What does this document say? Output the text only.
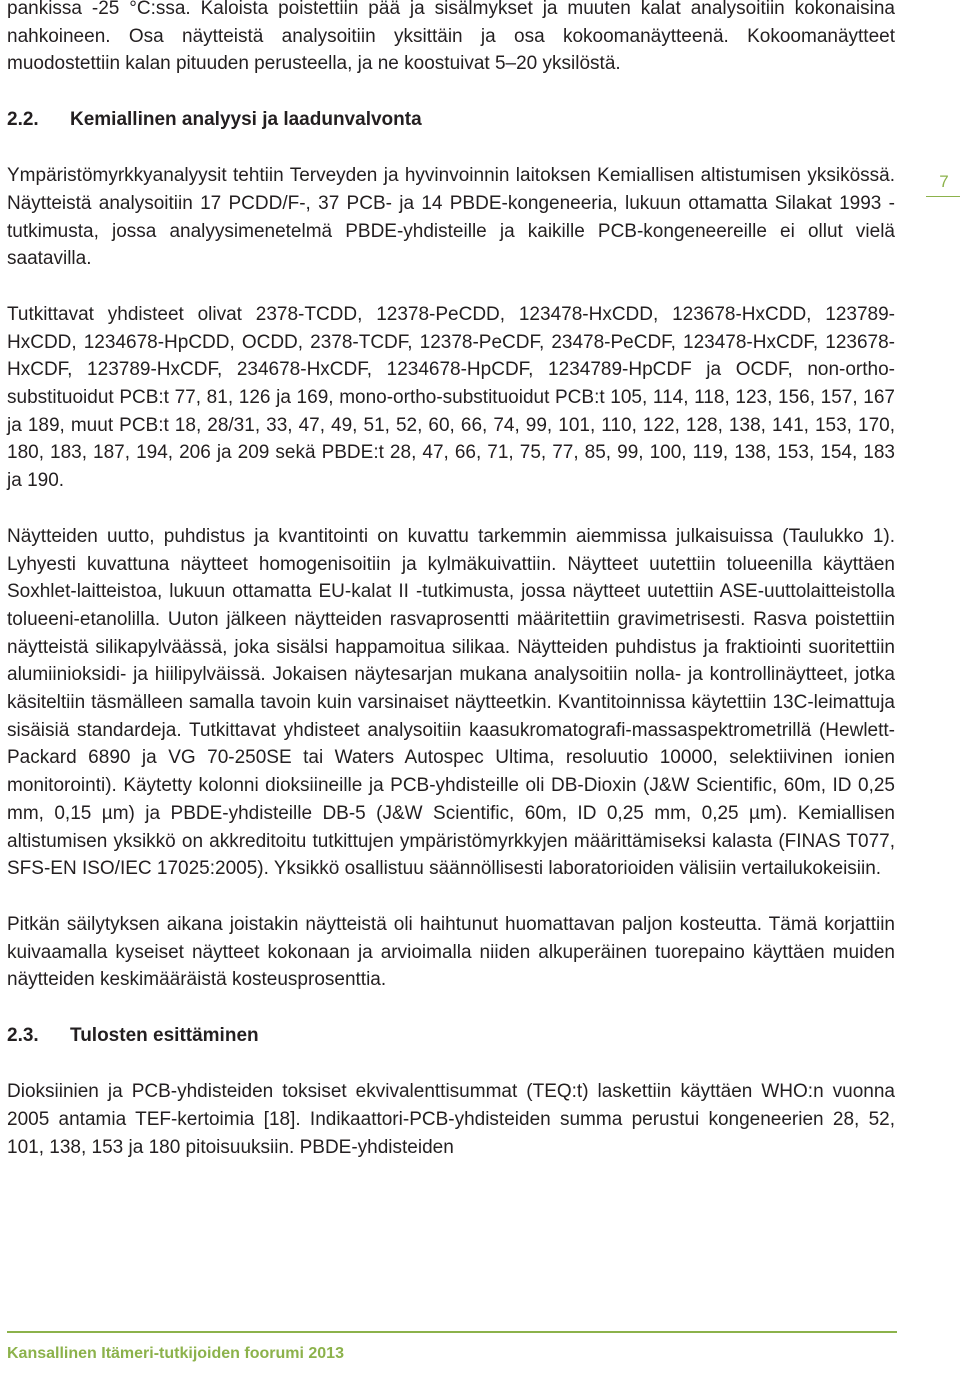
pankissa -25 °C:ssa. Kaloista poistettiin pää ja sisälmykset ja muuten kalat analysoitiin kokonaisina nahkoineen. Osa näytteistä analysoitiin yksittäin ja osa kokoomanäytteenä. Kokoomanäytteet muodostettiin kalan pituuden perusteella, ja ne koostuivat 5–20 yksilöstä.

2.2.	Kemiallinen analyysi ja laadunvalvonta

Ympäristömyrkkyanalyysit tehtiin Terveyden ja hyvinvoinnin laitoksen Kemiallisen altistumisen yksikössä. Näytteistä analysoitiin 17 PCDD/F-, 37 PCB- ja 14 PBDE-kongeneeria, lukuun ottamatta Silakat 1993 -tutkimusta, jossa analyysimenetelmä PBDE-yhdisteille ja kaikille PCB-kongeneereille ei ollut vielä saatavilla.

Tutkittavat yhdisteet olivat 2378-TCDD, 12378-PeCDD, 123478-HxCDD, 123678-HxCDD, 123789-HxCDD, 1234678-HpCDD, OCDD, 2378-TCDF, 12378-PeCDF, 23478-PeCDF, 123478-HxCDF, 123678-HxCDF, 123789-HxCDF, 234678-HxCDF, 1234678-HpCDF, 1234789-HpCDF ja OCDF, non-ortho-substituoidut PCB:t 77, 81, 126 ja 169, mono-ortho-substituoidut PCB:t 105, 114, 118, 123, 156, 157, 167 ja 189, muut PCB:t 18, 28/31, 33, 47, 49, 51, 52, 60, 66, 74, 99, 101, 110, 122, 128, 138, 141, 153, 170, 180, 183, 187, 194, 206 ja 209 sekä PBDE:t 28, 47, 66, 71, 75, 77, 85, 99, 100, 119, 138, 153, 154, 183 ja 190.

Näytteiden uutto, puhdistus ja kvantitointi on kuvattu tarkemmin aiemmissa julkaisuissa (Taulukko 1). Lyhyesti kuvattuna näytteet homogenisoitiin ja kylmäkuivattiin. Näytteet uutettiin tolueenilla käyttäen Soxhlet-laitteistoa, lukuun ottamatta EU-kalat II -tutkimusta, jossa näytteet uutettiin ASE-uuttolaitteistolla tolueeni-etanolilla. Uuton jälkeen näytteiden rasvaprosentti määritettiin gravimetrisesti. Rasva poistettiin näytteistä silikapylväässä, joka sisälsi happamoitua silikaa. Näytteiden puhdistus ja fraktiointi suoritettiin alumiinioksidi- ja hiilipylväissä. Jokaisen näytesarjan mukana analysoitiin nolla- ja kontrollinäytteet, jotka käsiteltiin täsmälleen samalla tavoin kuin varsinaiset näytteetkin. Kvantitoinnissa käytettiin 13C-leimattuja sisäisiä standardeja. Tutkittavat yhdisteet analysoitiin kaasukromatografi-massaspektrometrillä (Hewlett-Packard 6890 ja VG 70-250SE tai Waters Autospec Ultima, resoluutio 10000, selektiivinen ionien monitorointi). Käytetty kolonni dioksiineille ja PCB-yhdisteille oli DB-Dioxin (J&W Scientific, 60m, ID 0,25 mm, 0,15 µm) ja PBDE-yhdisteille DB-5 (J&W Scientific, 60m, ID 0,25 mm, 0,25 µm). Kemiallisen altistumisen yksikkö on akkreditoitu tutkittujen ympäristömyrkkyjen määrittämiseksi kalasta (FINAS T077, SFS-EN ISO/IEC 17025:2005). Yksikkö osallistuu säännöllisesti laboratorioiden välisiin vertailukokeisiin.

Pitkän säilytyksen aikana joistakin näytteistä oli haihtunut huomattavan paljon kosteutta. Tämä korjattiin kuivaamalla kyseiset näytteet kokonaan ja arvioimalla niiden alkuperäinen tuorepaino käyttäen muiden näytteiden keskimääräistä kosteusprosenttia.

2.3.	Tulosten esittäminen

Dioksiinien ja PCB-yhdisteiden toksiset ekvivalenttisummat (TEQ:t) laskettiin käyttäen WHO:n vuonna 2005 antamia TEF-kertoimia [18]. Indikaattori-PCB-yhdisteiden summa perustui kongeneerien 28, 52, 101, 138, 153 ja 180 pitoisuuksiin. PBDE-yhdisteiden

7
Kansallinen Itämeri-tutkijoiden foorumi 2013
